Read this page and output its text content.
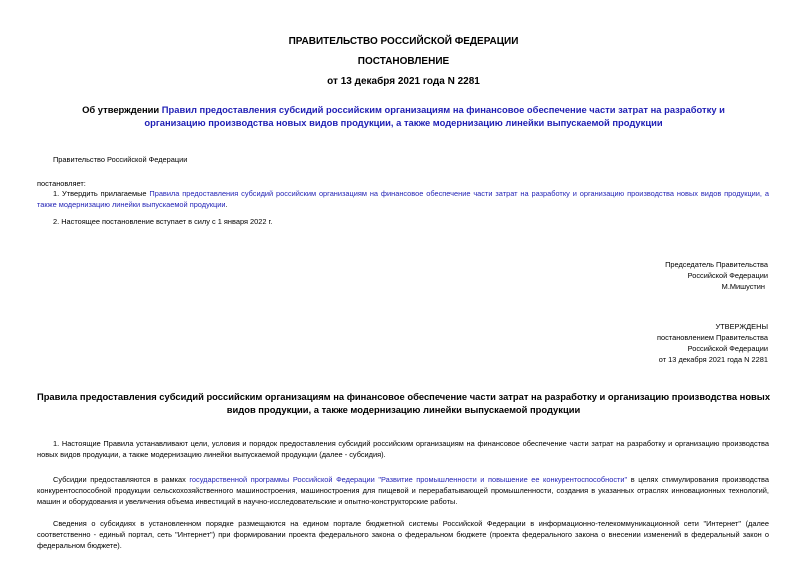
ПРАВИТЕЛЬСТВО РОССИЙСКОЙ ФЕДЕРАЦИИ
ПОСТАНОВЛЕНИЕ
от 13 декабря 2021 года N 2281
Об утверждении Правил предоставления субсидий российским организациям на финансовое обеспечение части затрат на разработку и организацию производства новых видов продукции, а также модернизацию линейки выпускаемой продукции
Правительство Российской Федерации
постановляет:
1. Утвердить прилагаемые Правила предоставления субсидий российским организациям на финансовое обеспечение части затрат на разработку и организацию производства новых видов продукции, а также модернизацию линейки выпускаемой продукции.
2. Настоящее постановление вступает в силу с 1 января 2022 г.
Председатель Правительства
Российской Федерации
М.Мишустин
УТВЕРЖДЕНЫ
постановлением Правительства
Российской Федерации
от 13 декабря 2021 года N 2281
Правила предоставления субсидий российским организациям на финансовое обеспечение части затрат на разработку и организацию производства новых видов продукции, а также модернизацию линейки выпускаемой продукции
1. Настоящие Правила устанавливают цели, условия и порядок предоставления субсидий российским организациям на финансовое обеспечение части затрат на разработку и организацию производства новых видов продукции, а также модернизацию линейки выпускаемой продукции (далее - субсидия).
Субсидии предоставляются в рамках государственной программы Российской Федерации "Развитие промышленности и повышение ее конкурентоспособности" в целях стимулирования производства конкурентоспособной продукции сельскохозяйственного машиностроения, машиностроения для пищевой и перерабатывающей промышленности, создания в указанных отраслях инновационных технологий, машин и оборудования и увеличения объема инвестиций в научно-исследовательские и опытно-конструкторские работы.
Сведения о субсидиях в установленном порядке размещаются на едином портале бюджетной системы Российской Федерации в информационно-телекоммуникационной сети "Интернет" (далее соответственно - единый портал, сеть "Интернет") при формировании проекта федерального закона о федеральном бюджете (проекта федерального закона о внесении изменений в федеральный закон о федеральном бюджете).
